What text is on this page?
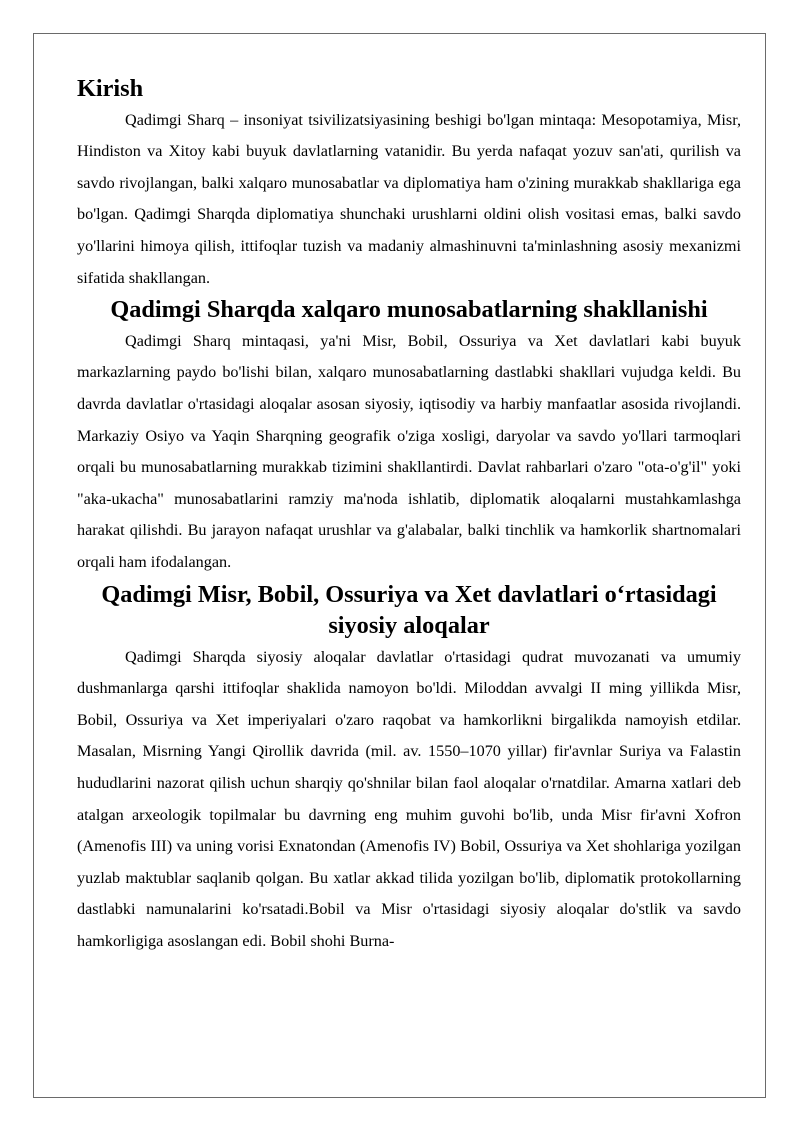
Kirish

Qadimgi Sharq – insoniyat tsivilizatsiyasining beshigi bo'lgan mintaqa: Mesopotamiya, Misr, Hindiston va Xitoy kabi buyuk davlatlarning vatanidir. Bu yerda nafaqat yozuv san'ati, qurilish va savdo rivojlangan, balki xalqaro munosabatlar va diplomatiya ham o'zining murakkab shakllariga ega bo'lgan. Qadimgi Sharqda diplomatiya shunchaki urushlarni oldini olish vositasi emas, balki savdo yo'llarini himoya qilish, ittifoqlar tuzish va madaniy almashinuvni ta'minlashning asosiy mexanizmi sifatida shakllangan.

Qadimgi Sharqda xalqaro munosabatlarning shakllanishi

Qadimgi Sharq mintaqasi, ya'ni Misr, Bobil, Ossuriya va Xet davlatlari kabi buyuk markazlarning paydo bo'lishi bilan, xalqaro munosabatlarning dastlabki shakllari vujudga keldi. Bu davrda davlatlar o'rtasidagi aloqalar asosan siyosiy, iqtisodiy va harbiy manfaatlar asosida rivojlandi. Markaziy Osiyo va Yaqin Sharqning geografik o'ziga xosligi, daryolar va savdo yo'llari tarmoqlari orqali bu munosabatlarning murakkab tizimini shakllantirdi. Davlat rahbarlari o'zaro "ota-o'g'il" yoki "aka-ukacha" munosabatlarini ramziy ma'noda ishlatib, diplomatik aloqalarni mustahkamlashga harakat qilishdi. Bu jarayon nafaqat urushlar va g'alabalar, balki tinchlik va hamkorlik shartnomalari orqali ham ifodalangan.

Qadimgi Misr, Bobil, Ossuriya va Xet davlatlari o‘rtasidagi siyosiy aloqalar

Qadimgi Sharqda siyosiy aloqalar davlatlar o'rtasidagi qudrat muvozanati va umumiy dushmanlarga qarshi ittifoqlar shaklida namoyon bo'ldi. Miloddan avvalgi II ming yillikda Misr, Bobil, Ossuriya va Xet imperiyalari o'zaro raqobat va hamkorlikni birgalikda namoyish etdilar. Masalan, Misrning Yangi Qirollik davrida (mil. av. 1550–1070 yillar) fir'avnlar Suriya va Falastin hududlarini nazorat qilish uchun sharqiy qo'shnilar bilan faol aloqalar o'rnatdilar. Amarna xatlari deb atalgan arxeologik topilmalar bu davrning eng muhim guvohi bo'lib, unda Misr fir'avni Xofron (Amenofis III) va uning vorisi Exnatondan (Amenofis IV) Bobil, Ossuriya va Xet shohlariga yozilgan yuzlab maktublar saqlanib qolgan. Bu xatlar akkad tilida yozilgan bo'lib, diplomatik protokollarning dastlabki namunalarini ko'rsatadi.Bobil va Misr o'rtasidagi siyosiy aloqalar do'stlik va savdo hamkorligiga asoslangan edi. Bobil shohi Burna-
